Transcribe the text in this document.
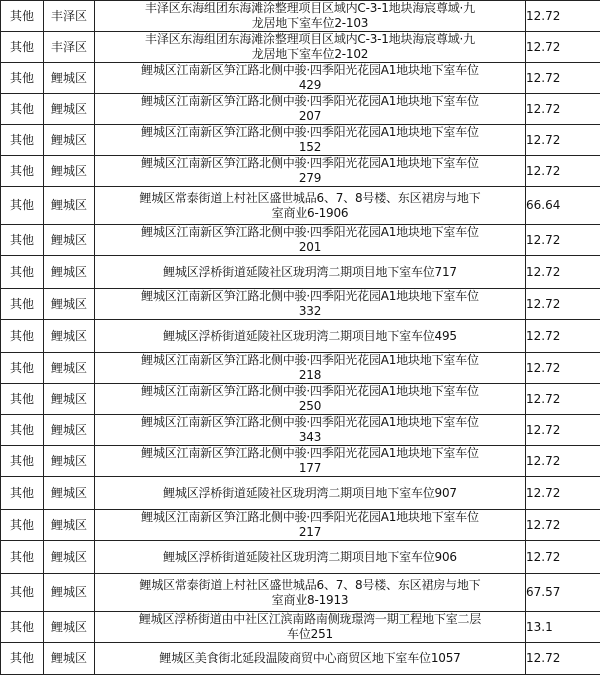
其他	丰泽区	丰泽区东海组团东海滩涂整理项目区域内C-3-1地块海宸尊域·九
龙居地下室车位2-103	12.72
其他	丰泽区	丰泽区东海组团东海滩涂整理项目区域内C-3-1地块海宸尊域·九
龙居地下室车位2-102	12.72
其他	鲤城区	鲤城区江南新区笋江路北侧中骏·四季阳光花园A1地块地下室车位
429	12.72
其他	鲤城区	鲤城区江南新区笋江路北侧中骏·四季阳光花园A1地块地下室车位
207	12.72
其他	鲤城区	鲤城区江南新区笋江路北侧中骏·四季阳光花园A1地块地下室车位
152	12.72
其他	鲤城区	鲤城区江南新区笋江路北侧中骏·四季阳光花园A1地块地下室车位
279	12.72
其他	鲤城区	鲤城区常泰街道上村社区盛世城品6、7、8号楼、东区裙房与地下
室商业6-1906	66.64
其他	鲤城区	鲤城区江南新区笋江路北侧中骏·四季阳光花园A1地块地下室车位
201	12.72
其他	鲤城区	鲤城区浮桥街道延陵社区珑玥湾二期项目地下室车位717	12.72
其他	鲤城区	鲤城区江南新区笋江路北侧中骏·四季阳光花园A1地块地下室车位
332	12.72
其他	鲤城区	鲤城区浮桥街道延陵社区珑玥湾二期项目地下室车位495	12.72
其他	鲤城区	鲤城区江南新区笋江路北侧中骏·四季阳光花园A1地块地下室车位
218	12.72
其他	鲤城区	鲤城区江南新区笋江路北侧中骏·四季阳光花园A1地块地下室车位
250	12.72
其他	鲤城区	鲤城区江南新区笋江路北侧中骏·四季阳光花园A1地块地下室车位
343	12.72
其他	鲤城区	鲤城区江南新区笋江路北侧中骏·四季阳光花园A1地块地下室车位
177	12.72
其他	鲤城区	鲤城区浮桥街道延陵社区珑玥湾二期项目地下室车位907	12.72
其他	鲤城区	鲤城区江南新区笋江路北侧中骏·四季阳光花园A1地块地下室车位
217	12.72
其他	鲤城区	鲤城区浮桥街道延陵社区珑玥湾二期项目地下室车位906	12.72
其他	鲤城区	鲤城区常泰街道上村社区盛世城品6、7、8号楼、东区裙房与地下
室商业8-1913	67.57
其他	鲤城区	鲤城区浮桥街道由中社区江滨南路南侧珑璟湾一期工程地下室二层
车位251	13.1
其他	鲤城区	鲤城区美食街北延段温陵商贸中心商贸区地下室车位1057	12.72
